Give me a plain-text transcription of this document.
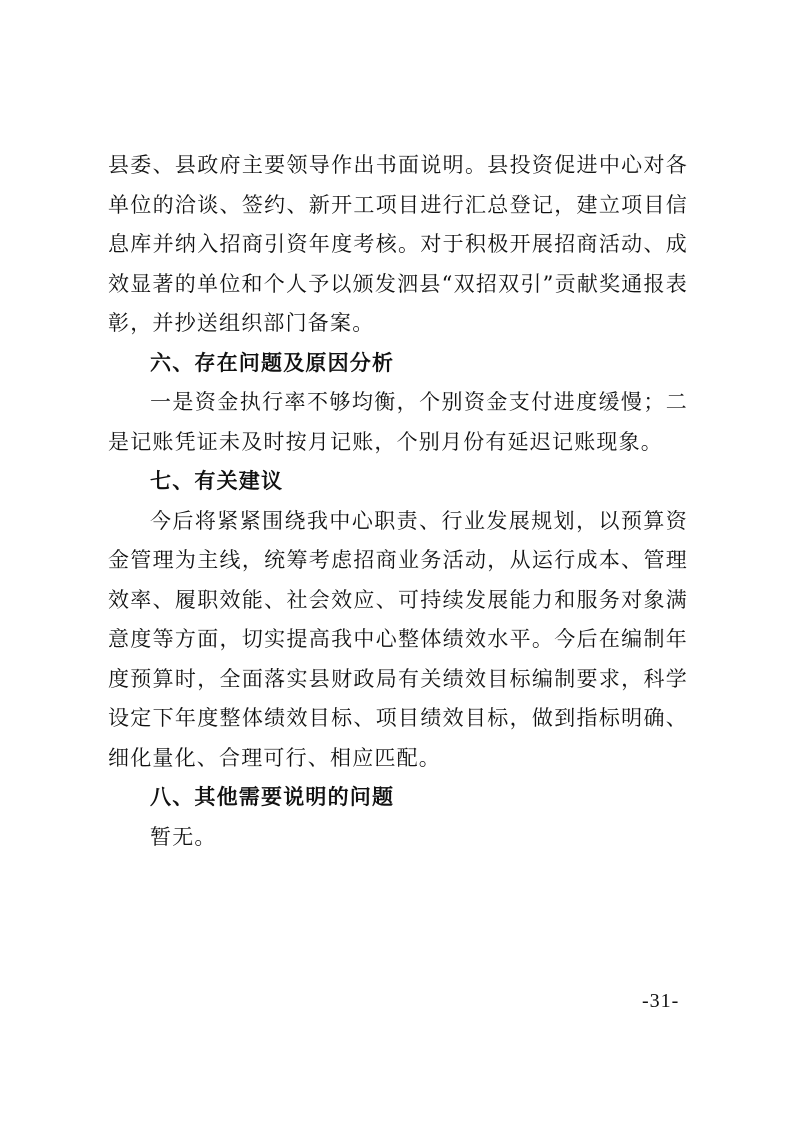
县委、县政府主要领导作出书面说明。县投资促进中心对各单位的洽谈、签约、新开工项目进行汇总登记，建立项目信息库并纳入招商引资年度考核。对于积极开展招商活动、成效显著的单位和个人予以颁发泗县“双招双引”贡献奖通报表彰，并抄送组织部门备案。

六、存在问题及原因分析

一是资金执行率不够均衡，个别资金支付进度缓慢；二是记账凭证未及时按月记账，个别月份有延迟记账现象。

七、有关建议

今后将紧紧围绕我中心职责、行业发展规划，以预算资金管理为主线，统筹考虑招商业务活动，从运行成本、管理效率、履职效能、社会效应、可持续发展能力和服务对象满意度等方面，切实提高我中心整体绩效水平。今后在编制年度预算时，全面落实县财政局有关绩效目标编制要求，科学设定下年度整体绩效目标、项目绩效目标，做到指标明确、细化量化、合理可行、相应匹配。

八、其他需要说明的问题

暂无。

-31-
